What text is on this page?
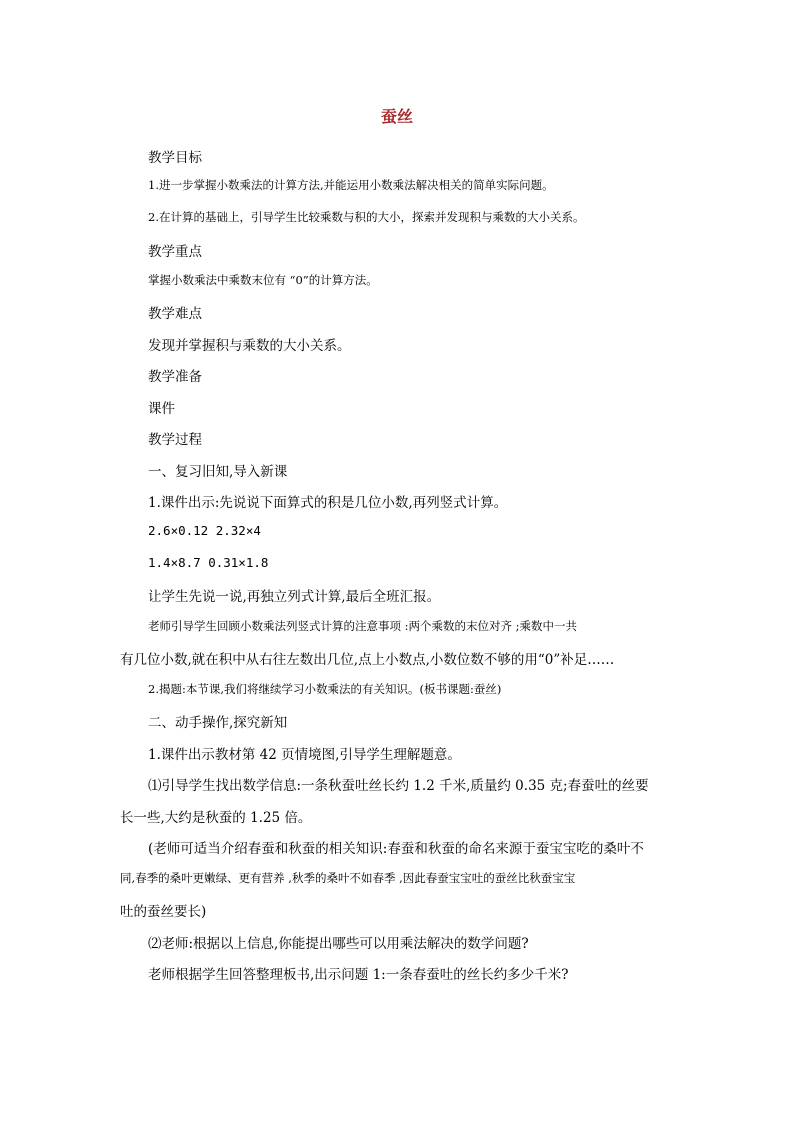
蚕丝
教学目标
1.进一步掌握小数乘法的计算方法,并能运用小数乘法解决相关的简单实际问题。
2.在计算的基础上，引导学生比较乘数与积的大小，探索并发现积与乘数的大小关系。
教学重点
掌握小数乘法中乘数末位有 “0”的计算方法。
教学难点
发现并掌握积与乘数的大小关系。
教学准备
课件
教学过程
一、复习旧知,导入新课
1.课件出示:先说说下面算式的积是几位小数,再列竖式计算。
2.6×0.12 2.32×4
1.4×8.7 0.31×1.8
让学生先说一说,再独立列式计算,最后全班汇报。
老师引导学生回顾小数乘法列竖式计算的注意事项 :两个乘数的末位对齐 ;乘数中一共
有几位小数,就在积中从右往左数出几位,点上小数点,小数位数不够的用“0”补足……
2.揭题:本节课,我们将继续学习小数乘法的有关知识。(板书课题:蚕丝)
二、动手操作,探究新知
1.课件出示教材第 42 页情境图,引导学生理解题意。
⑴引导学生找出数学信息:一条秋蚕吐丝长约 1.2 千米,质量约 0.35 克;春蚕吐的丝要
长一些,大约是秋蚕的 1.25 倍。
(老师可适当介绍春蚕和秋蚕的相关知识:春蚕和秋蚕的命名来源于蚕宝宝吃的桑叶不
同,春季的桑叶更嫩绿、更有营养 ,秋季的桑叶不如春季 ,因此春蚕宝宝吐的蚕丝比秋蚕宝宝
吐的蚕丝要长)
⑵老师:根据以上信息,你能提出哪些可以用乘法解决的数学问题?
老师根据学生回答整理板书,出示问题 1:一条春蚕吐的丝长约多少千米?
